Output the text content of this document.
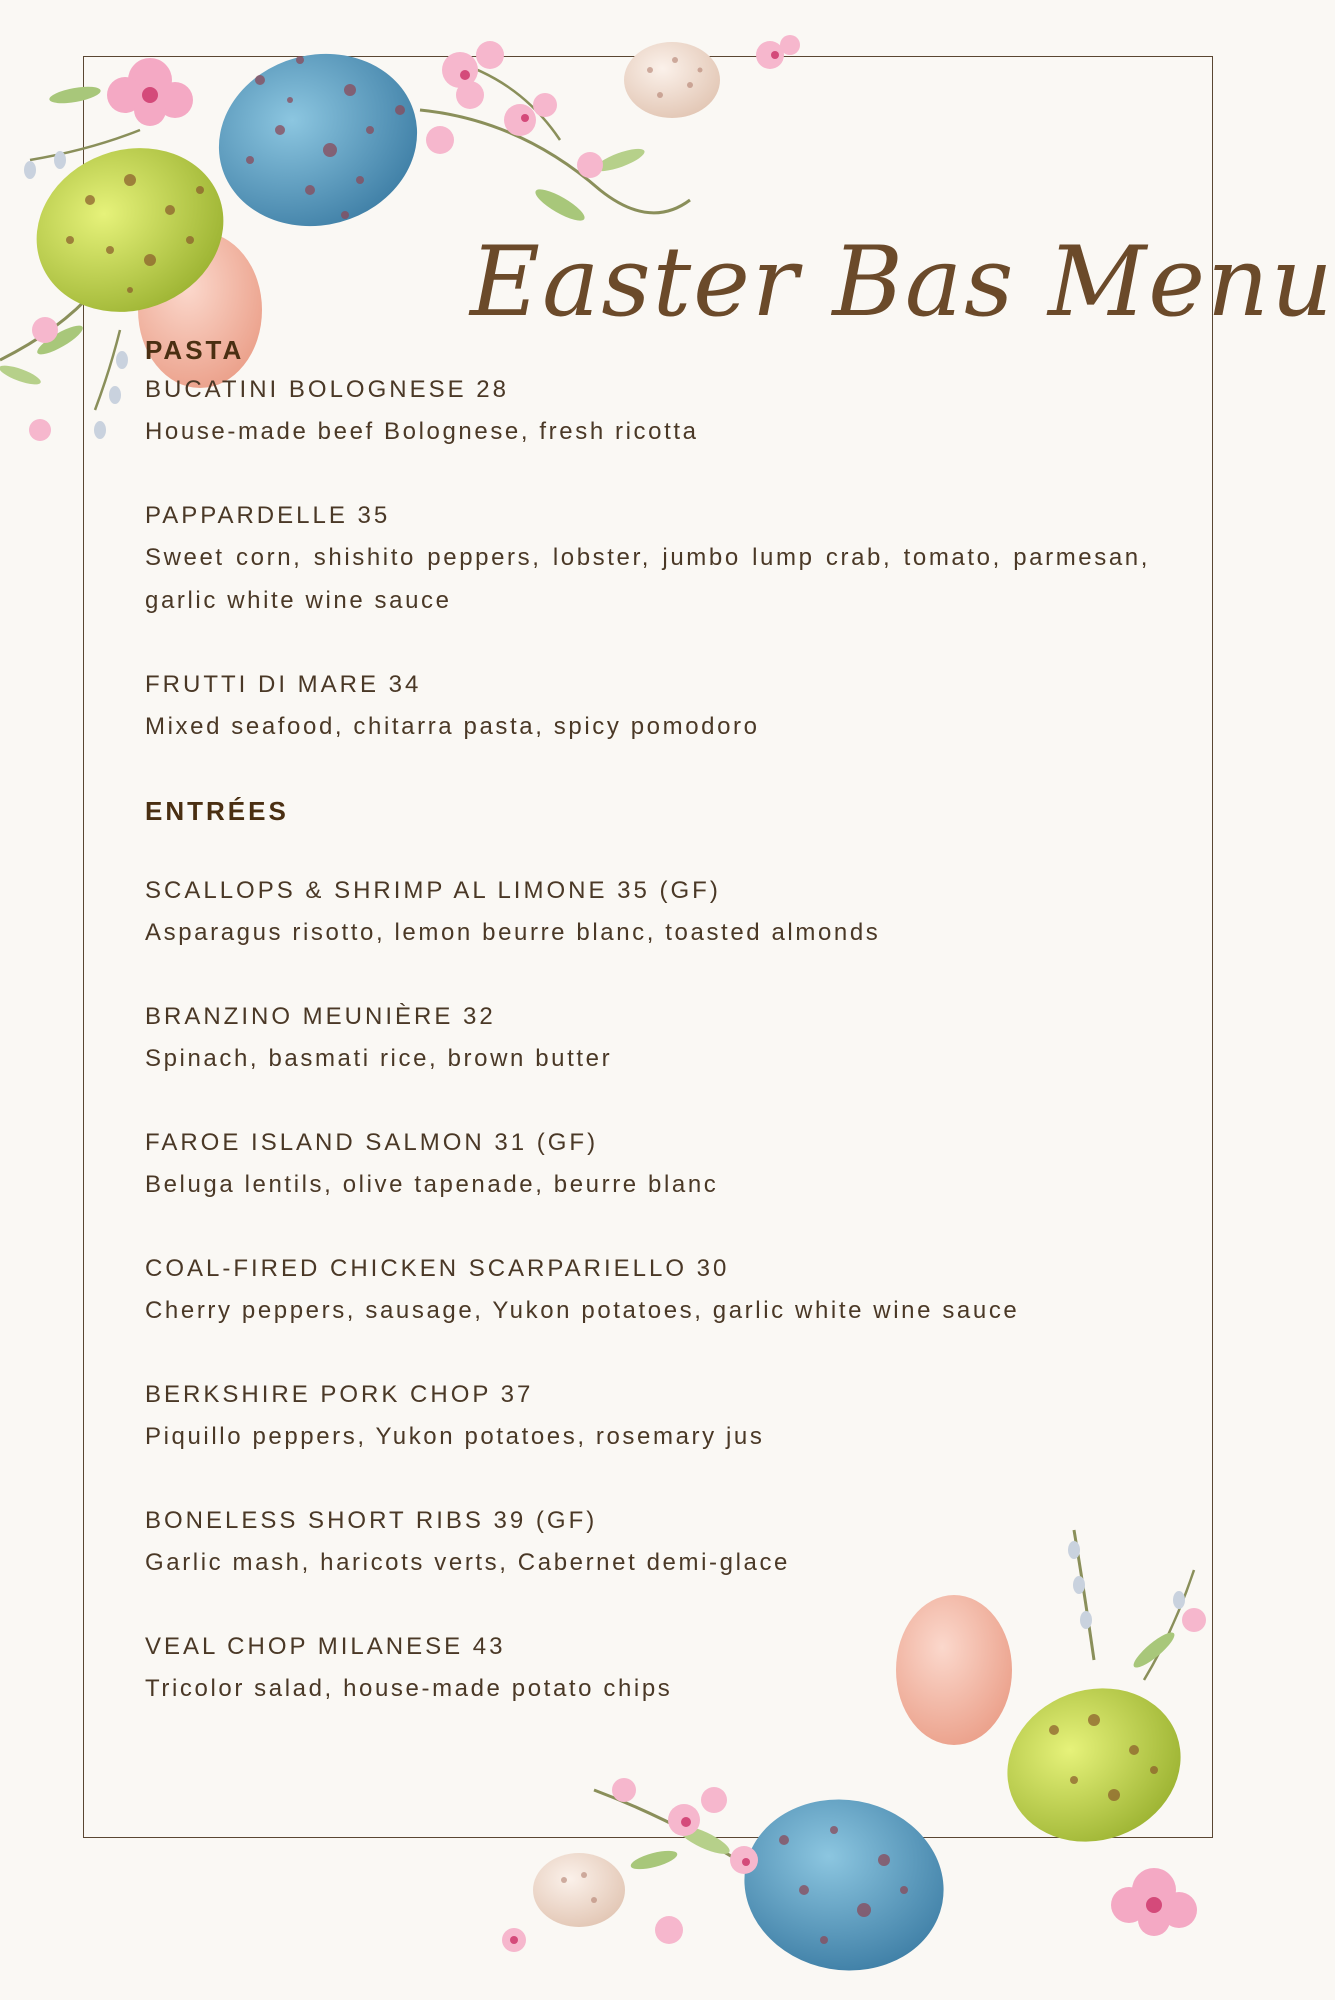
Easter Bas Menu
PASTA
BUCATINI BOLOGNESE 28
House-made beef Bolognese, fresh ricotta
PAPPARDELLE 35
Sweet corn, shishito peppers, lobster, jumbo lump crab, tomato, parmesan, garlic white wine sauce
FRUTTI DI MARE 34
Mixed seafood, chitarra pasta, spicy pomodoro
ENTRÉES
SCALLOPS & SHRIMP AL LIMONE 35 (GF)
Asparagus risotto, lemon beurre blanc, toasted almonds
BRANZINO MEUNIÈRE 32
Spinach, basmati rice, brown butter
FAROE ISLAND SALMON 31 (GF)
Beluga lentils, olive tapenade, beurre blanc
COAL-FIRED CHICKEN SCARPARIELLO 30
Cherry peppers, sausage, Yukon potatoes, garlic white wine sauce
BERKSHIRE PORK CHOP 37
Piquillo peppers, Yukon potatoes, rosemary jus
BONELESS SHORT RIBS 39 (GF)
Garlic mash, haricots verts, Cabernet demi-glace
VEAL CHOP MILANESE 43
Tricolor salad, house-made potato chips
